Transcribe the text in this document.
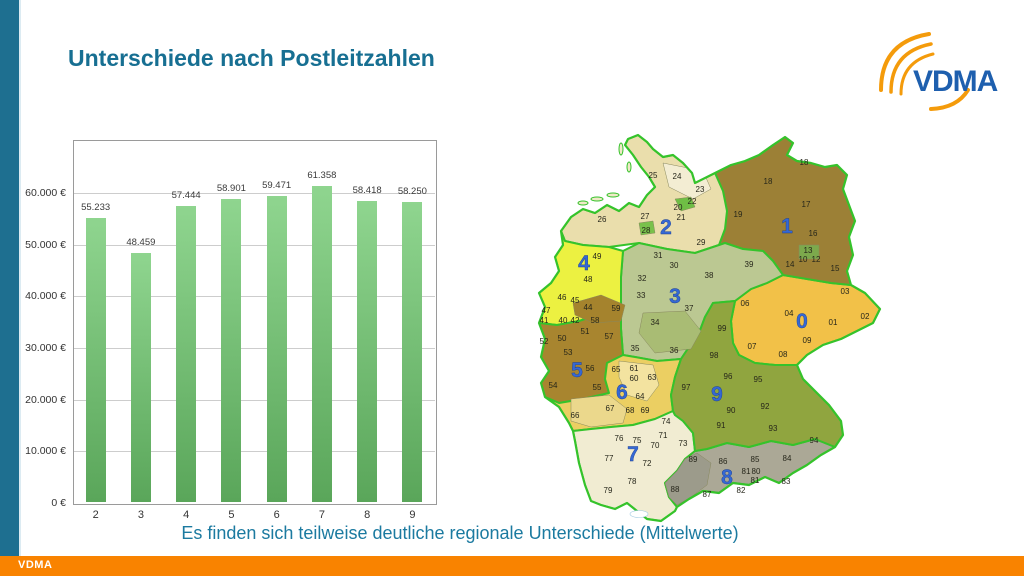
Unterschiede nach Postleitzahlen
VDMA
0 €
10.000 €
20.000 €
30.000 €
40.000 €
50.000 €
60.000 €
55.233
2
48.459
3
57.444
4
58.901
5
59.471
6
61.358
7
58.418
8
58.250
9
25 24
23
22
20
21
26	27
28
29
18
18
17
19
16
13
10 12
14	15
31
30
32
33
38
39
37
34
35	36
49
48
46 45
44
47
40 42
41	58
59
51
57
50
52
53
56
54	55
65 61
60 63
64
67 68 69
66
99
98
96	95
97
90	92
91	93
94
06
04
03
01
02
09
07
08
74
71
73
70
75
76
77
72
78
79
89	86	85	84
80
81
81
82
83
87
88
2	1
4
3
0
5
6	9
7
8
Es finden sich teilweise deutliche regionale Unterschiede (Mittelwerte)
VDMA
